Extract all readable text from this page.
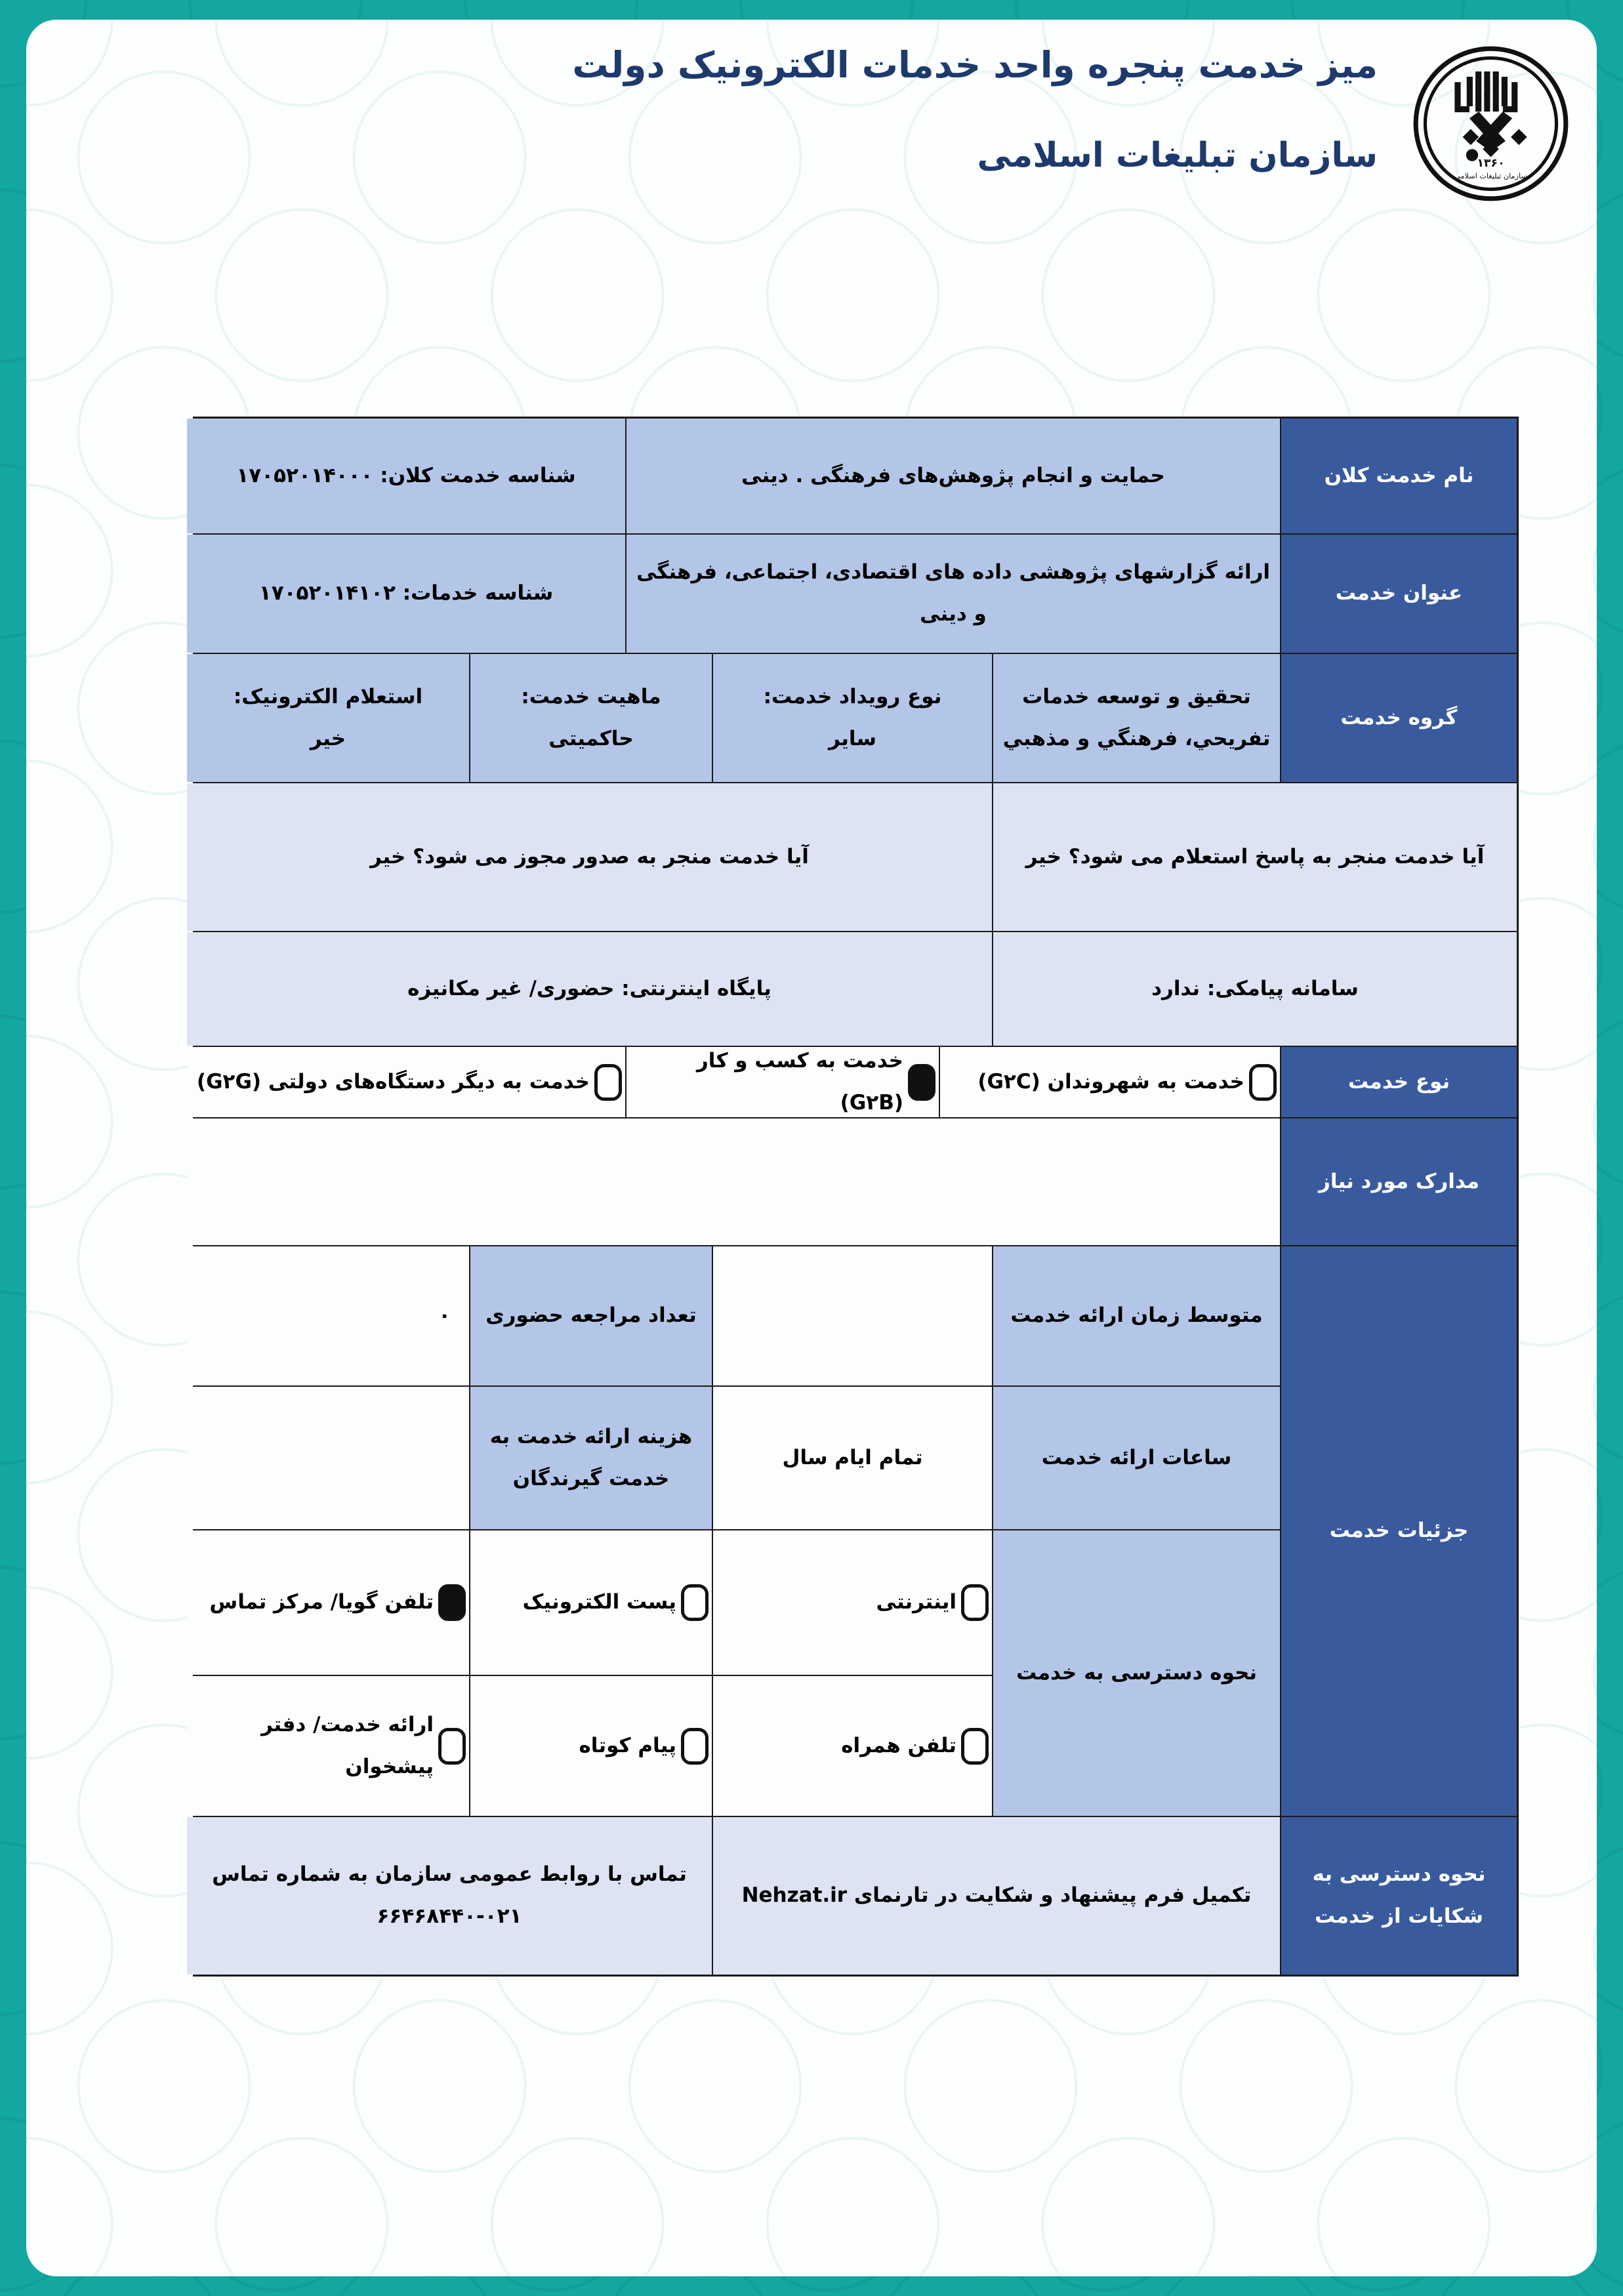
میز خدمت پنجره واحد خدمات الکترونیک دولت
سازمان تبلیغات اسلامی	۱۳۶۰
سازمان تبلیغات اسلامی
نام خدمت کلان
حمایت و انجام پژوهش‌های فرهنگی . دینی
شناسه خدمت کلان: ۱۷۰۵۲۰۱۴۰۰۰
عنوان خدمت
ارائه گزارشهای پژوهشی داده های اقتصادی، اجتماعی، فرهنگی و دینی
شناسه خدمات: ۱۷۰۵۲۰۱۴۱۰۲
گروه خدمت
تحقیق و توسعه خدمات تفریحي، فرهنگي و مذهبي
نوع رویداد خدمت:
سایر
ماهیت خدمت:
حاکمیتی
استعلام الکترونیک:
خیر
آیا خدمت منجر به پاسخ استعلام می شود؟ خیر
آیا خدمت منجر به صدور مجوز می شود؟ خیر
سامانه پیامکی: ندارد
پایگاه اینترنتی: حضوری/ غیر مکانیزه
نوع خدمت
خدمت به شهروندان (G۲C)
خدمت به کسب و کار (G۲B)
خدمت به دیگر دستگاه‌های دولتی (G۲G)
مدارک مورد نیاز
جزئیات خدمت
متوسط زمان ارائه خدمت
تعداد مراجعه حضوری
۰
ساعات ارائه خدمت
تمام ایام سال
هزینه ارائه خدمت به خدمت گیرندگان
نحوه دسترسی به خدمت
اینترنتی
پست الکترونیک
تلفن گویا/ مرکز تماس
تلفن همراه
پیام کوتاه
ارائه خدمت/ دفتر پیشخوان
نحوه دسترسی به شکایات از خدمت
تکمیل فرم پیشنهاد و شکایت در تارنمای Nehzat.ir
تماس با روابط عمومی سازمان به شماره تماس
۶۶۴۶۸۴۴۰-۰۲۱
